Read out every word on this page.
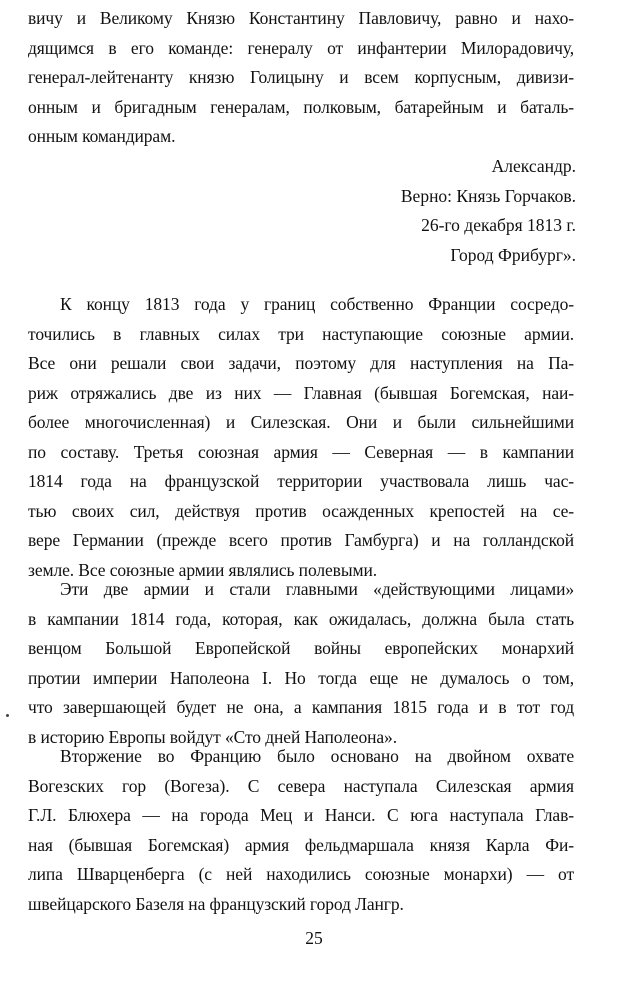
вичу и Великому Князю Константину Павловичу, равно и нахо-
дящимся в его команде: генералу от инфантерии Милорадовичу,
генерал-лейтенанту князю Голицыну и всем корпусным, дивизи-
онным и бригадным генералам, полковым, батарейным и баталь-
онным командирам.
Александр.
Верно: Князь Горчаков.
26-го декабря 1813 г.
Город Фрибург».
К концу 1813 года у границ собственно Франции сосредо-
точились в главных силах три наступающие союзные армии.
Все они решали свои задачи, поэтому для наступления на Па-
риж отряжались две из них — Главная (бывшая Богемская, наи-
более многочисленная) и Силезская. Они и были сильнейшими
по составу. Третья союзная армия — Северная — в кампании
1814 года на французской территории участвовала лишь час-
тью своих сил, действуя против осажденных крепостей на се-
вере Германии (прежде всего против Гамбурга) и на голландской
земле. Все союзные армии являлись полевыми.
Эти две армии и стали главными «действующими лицами»
в кампании 1814 года, которая, как ожидалась, должна была стать
венцом Большой Европейской войны европейских монархий
протии империи Наполеона I. Но тогда еще не думалось о том,
что завершающей будет не она, а кампания 1815 года и в тот год
в историю Европы войдут «Сто дней Наполеона».
Вторжение во Францию было основано на двойном охвате
Вогезских гор (Вогеза). С севера наступала Силезская армия
Г.Л. Блюхера — на города Мец и Нанси. С юга наступала Глав-
ная (бывшая Богемская) армия фельдмаршала князя Карла Фи-
липа Шварценберга (с ней находились союзные монархи) — от
швейцарского Базеля на французский город Лангр.
25
